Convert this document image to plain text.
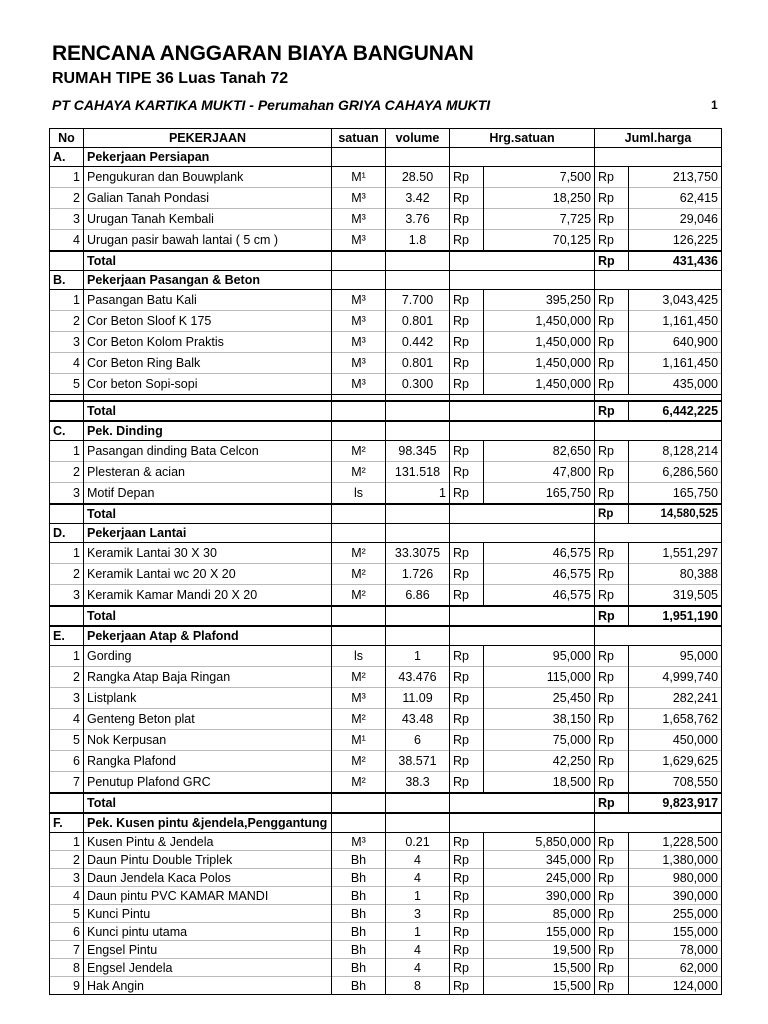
RENCANA ANGGARAN BIAYA BANGUNAN
RUMAH TIPE 36 Luas Tanah 72
PT CAHAYA KARTIKA MUKTI - Perumahan GRIYA CAHAYA MUKTI	1
No	PEKERJAAN	satuan	volume	Hrg.satuan		Juml.harga	
A.	Pekerjaan Persiapan						
1	Pengukuran dan Bouwplank	M¹	28.50	Rp	7,500	Rp	213,750
2	Galian Tanah Pondasi	M³	3.42	Rp	18,250	Rp	62,415
3	Urugan Tanah Kembali	M³	3.76	Rp	7,725	Rp	29,046
4	Urugan pasir bawah lantai ( 5 cm )	M³	1.8	Rp	70,125	Rp	126,225
	Total					Rp	431,436
B.	Pekerjaan Pasangan & Beton						
1	Pasangan Batu Kali	M³	7.700	Rp	395,250	Rp	3,043,425
2	Cor Beton Sloof K 175	M³	0.801	Rp	1,450,000	Rp	1,161,450
3	Cor Beton Kolom Praktis	M³	0.442	Rp	1,450,000	Rp	640,900
4	Cor Beton Ring Balk	M³	0.801	Rp	1,450,000	Rp	1,161,450
5	Cor beton Sopi-sopi	M³	0.300	Rp	1,450,000	Rp	435,000

	Total					Rp	6,442,225
C.	Pek. Dinding						
1	Pasangan dinding Bata Celcon	M²	98.345	Rp	82,650	Rp	8,128,214
2	Plesteran & acian	M²	131.518	Rp	47,800	Rp	6,286,560
3	Motif Depan	ls	1	Rp	165,750	Rp	165,750
	Total					Rp	14,580,525
D.	Pekerjaan Lantai						
1	Keramik Lantai 30 X 30	M²	33.3075	Rp	46,575	Rp	1,551,297
2	Keramik Lantai wc 20 X 20	M²	1.726	Rp	46,575	Rp	80,388
3	Keramik Kamar Mandi 20 X 20	M²	6.86	Rp	46,575	Rp	319,505
	Total					Rp	1,951,190
E.	Pekerjaan Atap & Plafond						
1	Gording	ls	1	Rp	95,000	Rp	95,000
2	Rangka Atap Baja Ringan	M²	43.476	Rp	115,000	Rp	4,999,740
3	Listplank	M³	11.09	Rp	25,450	Rp	282,241
4	Genteng Beton plat	M²	43.48	Rp	38,150	Rp	1,658,762
5	Nok Kerpusan	M¹	6	Rp	75,000	Rp	450,000
6	Rangka Plafond	M²	38.571	Rp	42,250	Rp	1,629,625
7	Penutup Plafond GRC	M²	38.3	Rp	18,500	Rp	708,550
	Total					Rp	9,823,917
F.	Pek. Kusen pintu &jendela,Penggantung						
1	Kusen Pintu & Jendela	M³	0.21	Rp	5,850,000	Rp	1,228,500
2	Daun Pintu Double Triplek	Bh	4	Rp	345,000	Rp	1,380,000
3	Daun Jendela Kaca Polos	Bh	4	Rp	245,000	Rp	980,000
4	Daun pintu PVC KAMAR MANDI	Bh	1	Rp	390,000	Rp	390,000
5	Kunci Pintu	Bh	3	Rp	85,000	Rp	255,000
6	Kunci pintu utama	Bh	1	Rp	155,000	Rp	155,000
7	Engsel Pintu	Bh	4	Rp	19,500	Rp	78,000
8	Engsel Jendela	Bh	4	Rp	15,500	Rp	62,000
9	Hak Angin	Bh	8	Rp	15,500	Rp	124,000
